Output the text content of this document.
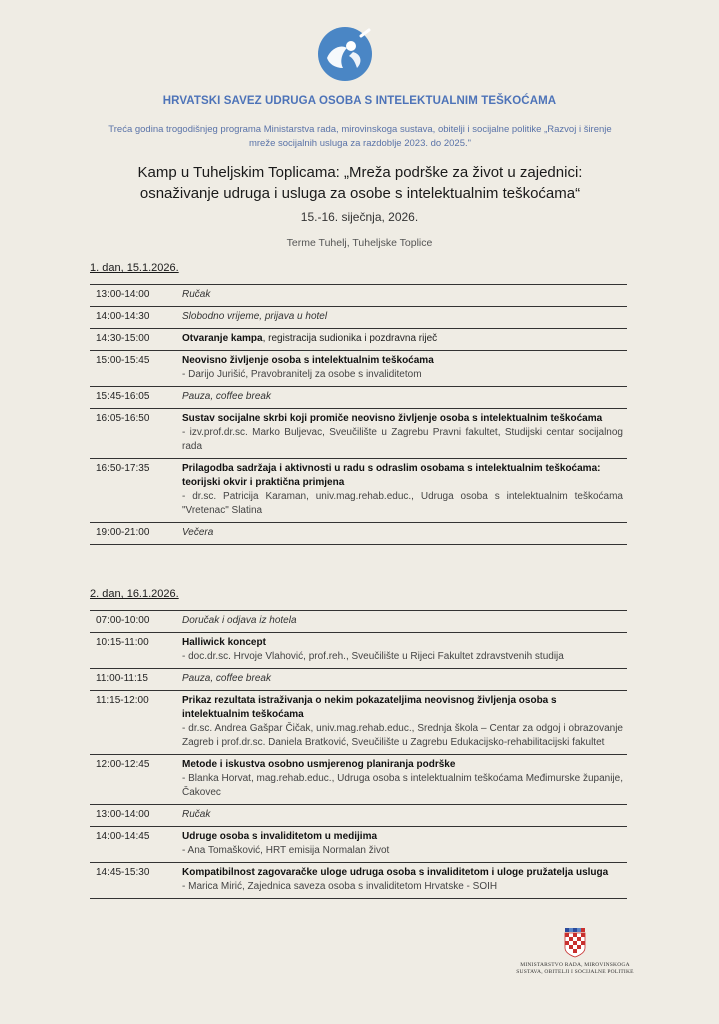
HRVATSKI SAVEZ UDRUGA OSOBA S INTELEKTUALNIM TEŠKOĆAMA
Treća godina trogodišnjeg programa Ministarstva rada, mirovinskoga sustava, obitelji i socijalne politike „Razvoj i širenje
mreže socijalnih usluga za razdoblje 2023. do 2025."
Kamp u Tuheljskim Toplicama: „Mreža podrške za život u zajednici:
osnaživanje udruga i usluga za osobe s intelektualnim teškoćama“
15.-16. siječnja, 2026.
Terme Tuhelj, Tuheljske Toplice
1. dan, 15.1.2026.
13:00-14:00	Ručak
14:00-14:30	Slobodno vrijeme, prijava u hotel
14:30-15:00	Otvaranje kampa, registracija sudionika i pozdravna riječ
15:00-15:45	Neovisno življenje osoba s intelektualnim teškoćama
- Darijo Jurišić, Pravobranitelj za osobe s invaliditetom
15:45-16:05	Pauza, coffee break
16:05-16:50	Sustav socijalne skrbi koji promiče neovisno življenje osoba s intelektualnim teškoćama
- izv.prof.dr.sc. Marko Buljevac, Sveučilište u Zagrebu Pravni fakultet, Studijski centar socijalnog rada
16:50-17:35	Prilagodba sadržaja i aktivnosti u radu s odraslim osobama s intelektualnim teškoćama: teorijski okvir i praktična primjena
- dr.sc. Patricija Karaman, univ.mag.rehab.educ., Udruga osoba s intelektualnim teškoćama "Vretenac" Slatina
19:00-21:00	Večera
2. dan, 16.1.2026.
07:00-10:00	Doručak i odjava iz hotela
10:15-11:00	Halliwick koncept
- doc.dr.sc. Hrvoje Vlahović, prof.reh., Sveučilište u Rijeci Fakultet zdravstvenih studija
11:00-11:15	Pauza, coffee break
11:15-12:00	Prikaz rezultata istraživanja o nekim pokazateljima neovisnog življenja osoba s intelektualnim teškoćama
- dr.sc. Andrea Gašpar Čičak, univ.mag.rehab.educ., Srednja škola – Centar za odgoj i obrazovanje Zagreb i prof.dr.sc. Daniela Bratković, Sveučilište u Zagrebu Edukacijsko-rehabilitacijski fakultet
12:00-12:45	Metode i iskustva osobno usmjerenog planiranja podrške
- Blanka Horvat, mag.rehab.educ., Udruga osoba s intelektualnim teškoćama Međimurske županije, Čakovec
13:00-14:00	Ručak
14:00-14:45	Udruge osoba s invaliditetom u medijima
- Ana Tomašković, HRT emisija Normalan život
14:45-15:30	Kompatibilnost zagovaračke uloge udruga osoba s invaliditetom i uloge pružatelja usluga
- Marica Mirić, Zajednica saveza osoba s invaliditetom Hrvatske - SOIH
MINISTARSTVO RADA, MIROVINSKOGA
SUSTAVA, OBITELJI I SOCIJALNE POLITIKE
